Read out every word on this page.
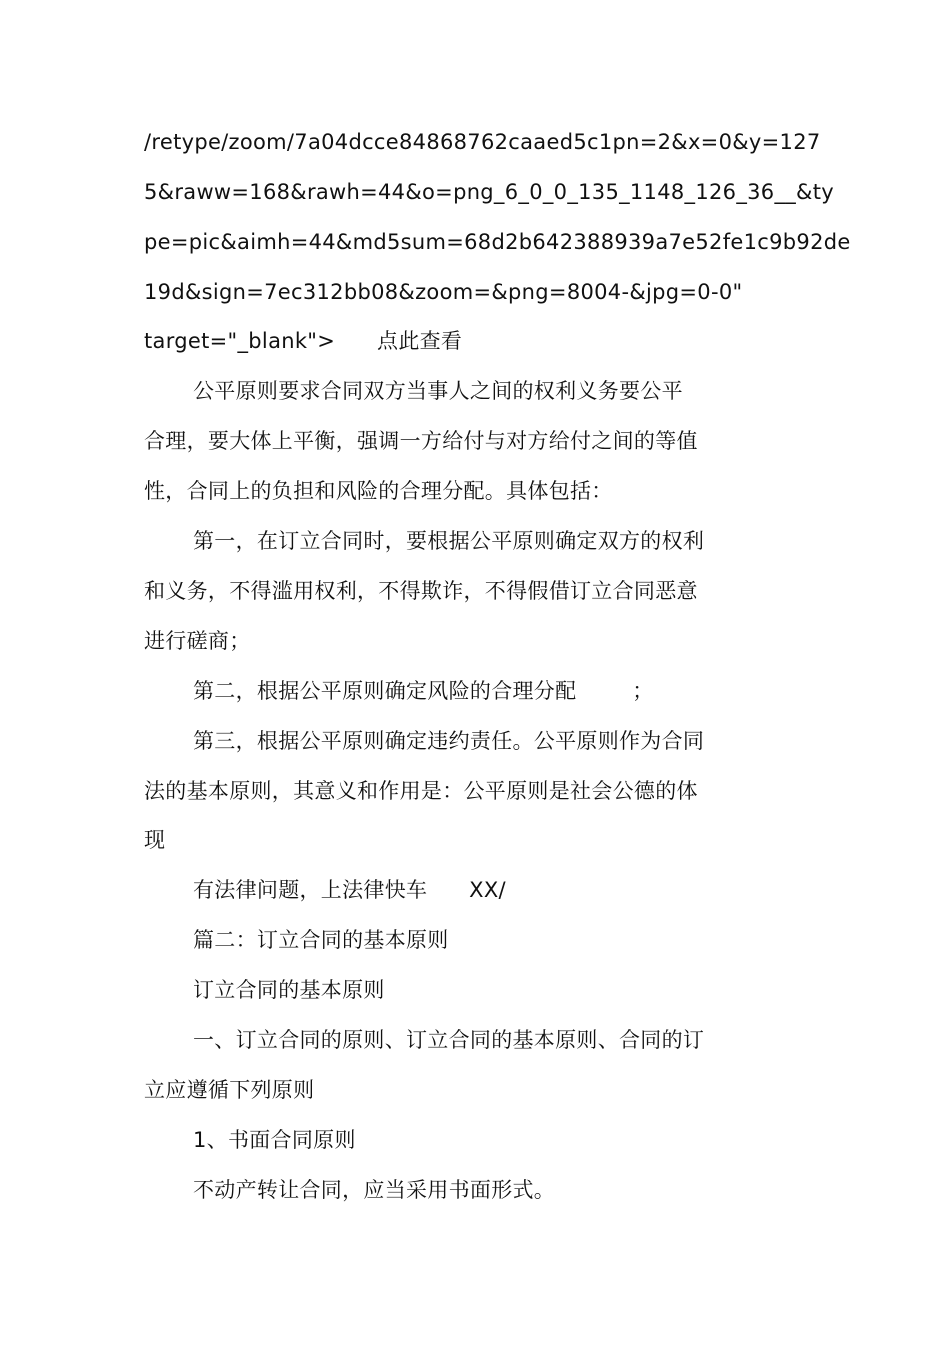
/retype/zoom/7a04dcce84868762caaed5c1pn=2&x=0&y=127
5&raww=168&rawh=44&o=png_6_0_0_135_1148_126_36__&ty
pe=pic&aimh=44&md5sum=68d2b642388939a7e52fe1c9b92de
19d&sign=7ec312bb08&zoom=&png=8004-&jpg=0-0"
target="_blank">      点此查看
公平原则要求合同双方当事人之间的权利义务要公平
合理，要大体上平衡，强调一方给付与对方给付之间的等值
性，合同上的负担和风险的合理分配。具体包括：
第一，在订立合同时，要根据公平原则确定双方的权利
和义务，不得滥用权利，不得欺诈，不得假借订立合同恶意
进行磋商；
第二，根据公平原则确定风险的合理分配        ；
第三，根据公平原则确定违约责任。公平原则作为合同
法的基本原则，其意义和作用是：公平原则是社会公德的体
现
有法律问题，上法律快车      XX/
篇二：订立合同的基本原则
订立合同的基本原则
一、订立合同的原则、订立合同的基本原则、合同的订
立应遵循下列原则
1、书面合同原则
不动产转让合同，应当采用书面形式。
